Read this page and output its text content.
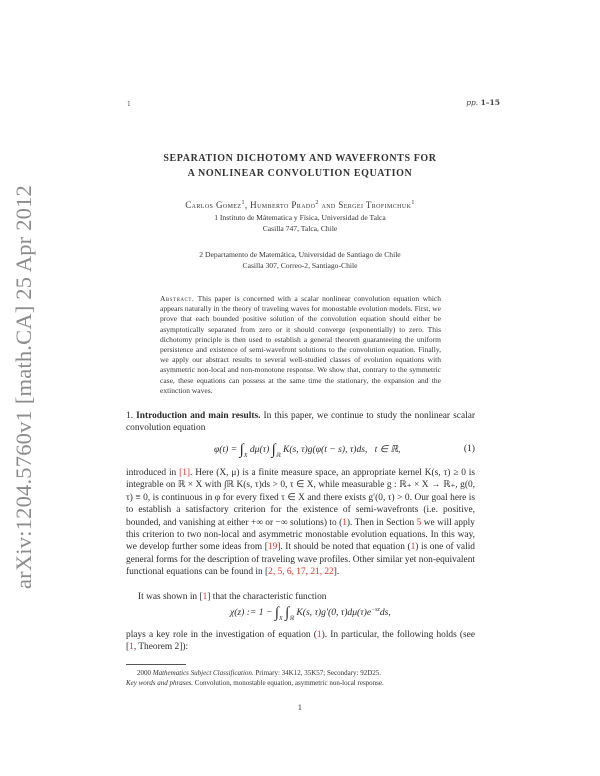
arXiv:1204.5760v1 [math.CA] 25 Apr 2012
1	pp. 1–15
SEPARATION DICHOTOMY AND WAVEFRONTS FOR
A NONLINEAR CONVOLUTION EQUATION
Carlos Gomez$^1$, Humberto Prado$^2$ and Sergei Trofimchuk$^1$
1 Instituto de Mátematica y Física, Universidad de Talca
Casilla 747, Talca, Chile
2 Departamento de Matemática, Universidad de Santiago de Chile
Casilla 307, Correo-2, Santiago-Chile
Abstract. This paper is concerned with a scalar nonlinear convolution equation which appears naturally in the theory of traveling waves for monostable evolution models. First, we prove that each bounded positive solution of the convolution equation should either be asymptotically separated from zero or it should converge (exponentially) to zero. This dichotomy principle is then used to establish a general theorem guaranteeing the uniform persistence and existence of semi-wavefront solutions to the convolution equation. Finally, we apply our abstract results to several well-studied classes of evolution equations with asymmetric non-local and non-monotone response. We show that, contrary to the symmetric case, these equations can possess at the same time the stationary, the expansion and the extinction waves.
1. Introduction and main results. In this paper, we continue to study the nonlinear scalar convolution equation
$\varphi(t) = \int_X$ dμ(τ) $\int_ℝ$ K(s, τ)g(φ(t − s), τ)ds, t ∈ ℝ,	(1)
introduced in [1]. Here (X, μ) is a finite measure space, an appropriate kernel K(s, τ) ≥ 0 is integrable on ℝ × X with ∫ℝ K(s, τ)ds > 0, τ ∈ X, while measurable g : ℝ₊ × X → ℝ₊, g(0, τ) ≡ 0, is continuous in φ for every fixed τ ∈ X and there exists g′(0, τ) > 0. Our goal here is to establish a satisfactory criterion for the existence of semi-wavefronts (i.e. positive, bounded, and vanishing at either +∞ or −∞ solutions) to (1). Then in Section 5 we will apply this criterion to two non-local and asymmetric monostable evolution equations. In this way, we develop further some ideas from [19]. It should be noted that equation (1) is one of valid general forms for the description of traveling wave profiles. Other similar yet non-equivalent functional equations can be found in [2, 5, 6, 17, 21, 22].
It was shown in [1] that the characteristic function
χ(z) := $1 - \int_X$ $\int_ℝ$ K(s, τ)g′(0, $\tau)d\mu(\tau)e^{-sz}ds$,
plays a key role in the investigation of equation (1). In particular, the following holds (see [1, Theorem 2]):
2000 Mathematics Subject Classification. Primary: 34K12, 35K57; Secondary: 92D25.
Key words and phrases. Convolution, monostable equation, asymmetric non-local response.
1
